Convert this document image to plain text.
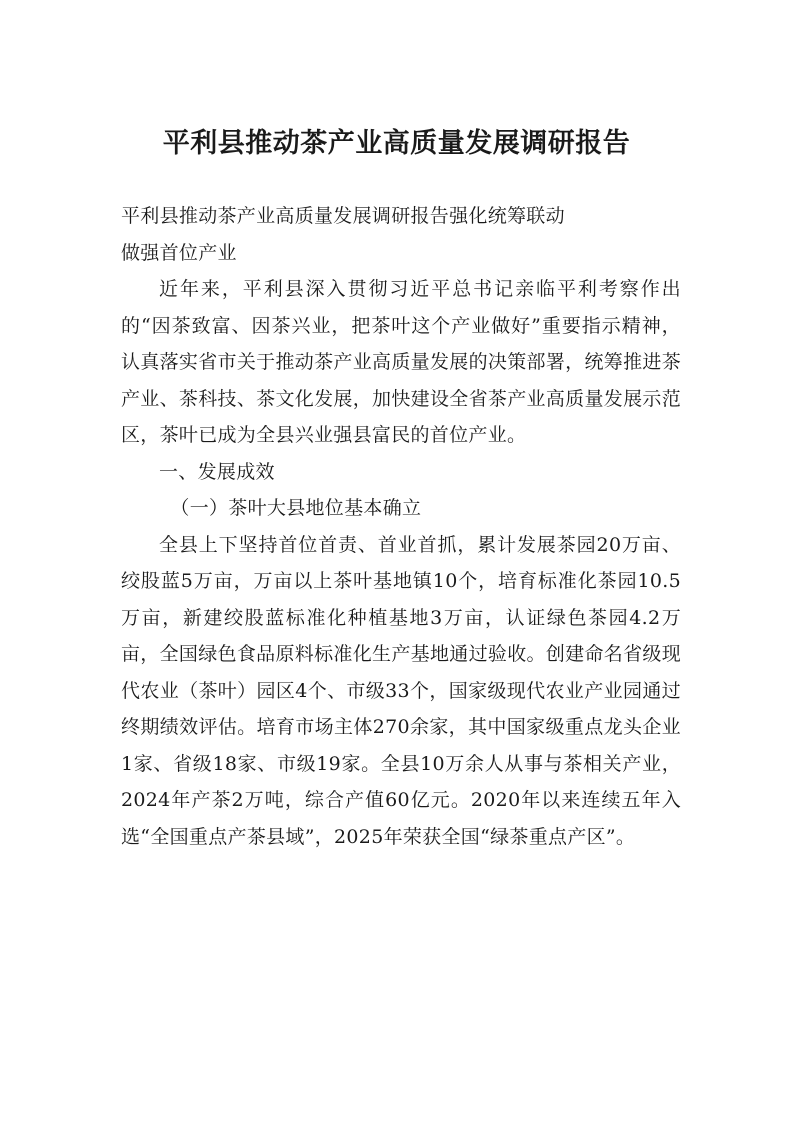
平利县推动茶产业高质量发展调研报告

平利县推动茶产业高质量发展调研报告强化统筹联动

做强首位产业

近年来，平利县深入贯彻习近平总书记亲临平利考察作出的“因茶致富、因茶兴业，把茶叶这个产业做好”重要指示精神，认真落实省市关于推动茶产业高质量发展的决策部署，统筹推进茶产业、茶科技、茶文化发展，加快建设全省茶产业高质量发展示范区，茶叶已成为全县兴业强县富民的首位产业。

一、发展成效

（一）茶叶大县地位基本确立

全县上下坚持首位首责、首业首抓，累计发展茶园20万亩、绞股蓝5万亩，万亩以上茶叶基地镇10个，培育标准化茶园10.5万亩，新建绞股蓝标准化种植基地3万亩，认证绿色茶园4.2万亩，全国绿色食品原料标准化生产基地通过验收。创建命名省级现代农业（茶叶）园区4个、市级33个，国家级现代农业产业园通过终期绩效评估。培育市场主体270余家，其中国家级重点龙头企业1家、省级18家、市级19家。全县10万余人从事与茶相关产业，2024年产茶2万吨，综合产值60亿元。2020年以来连续五年入选“全国重点产茶县域”，2025年荣获全国“绿茶重点产区”。
